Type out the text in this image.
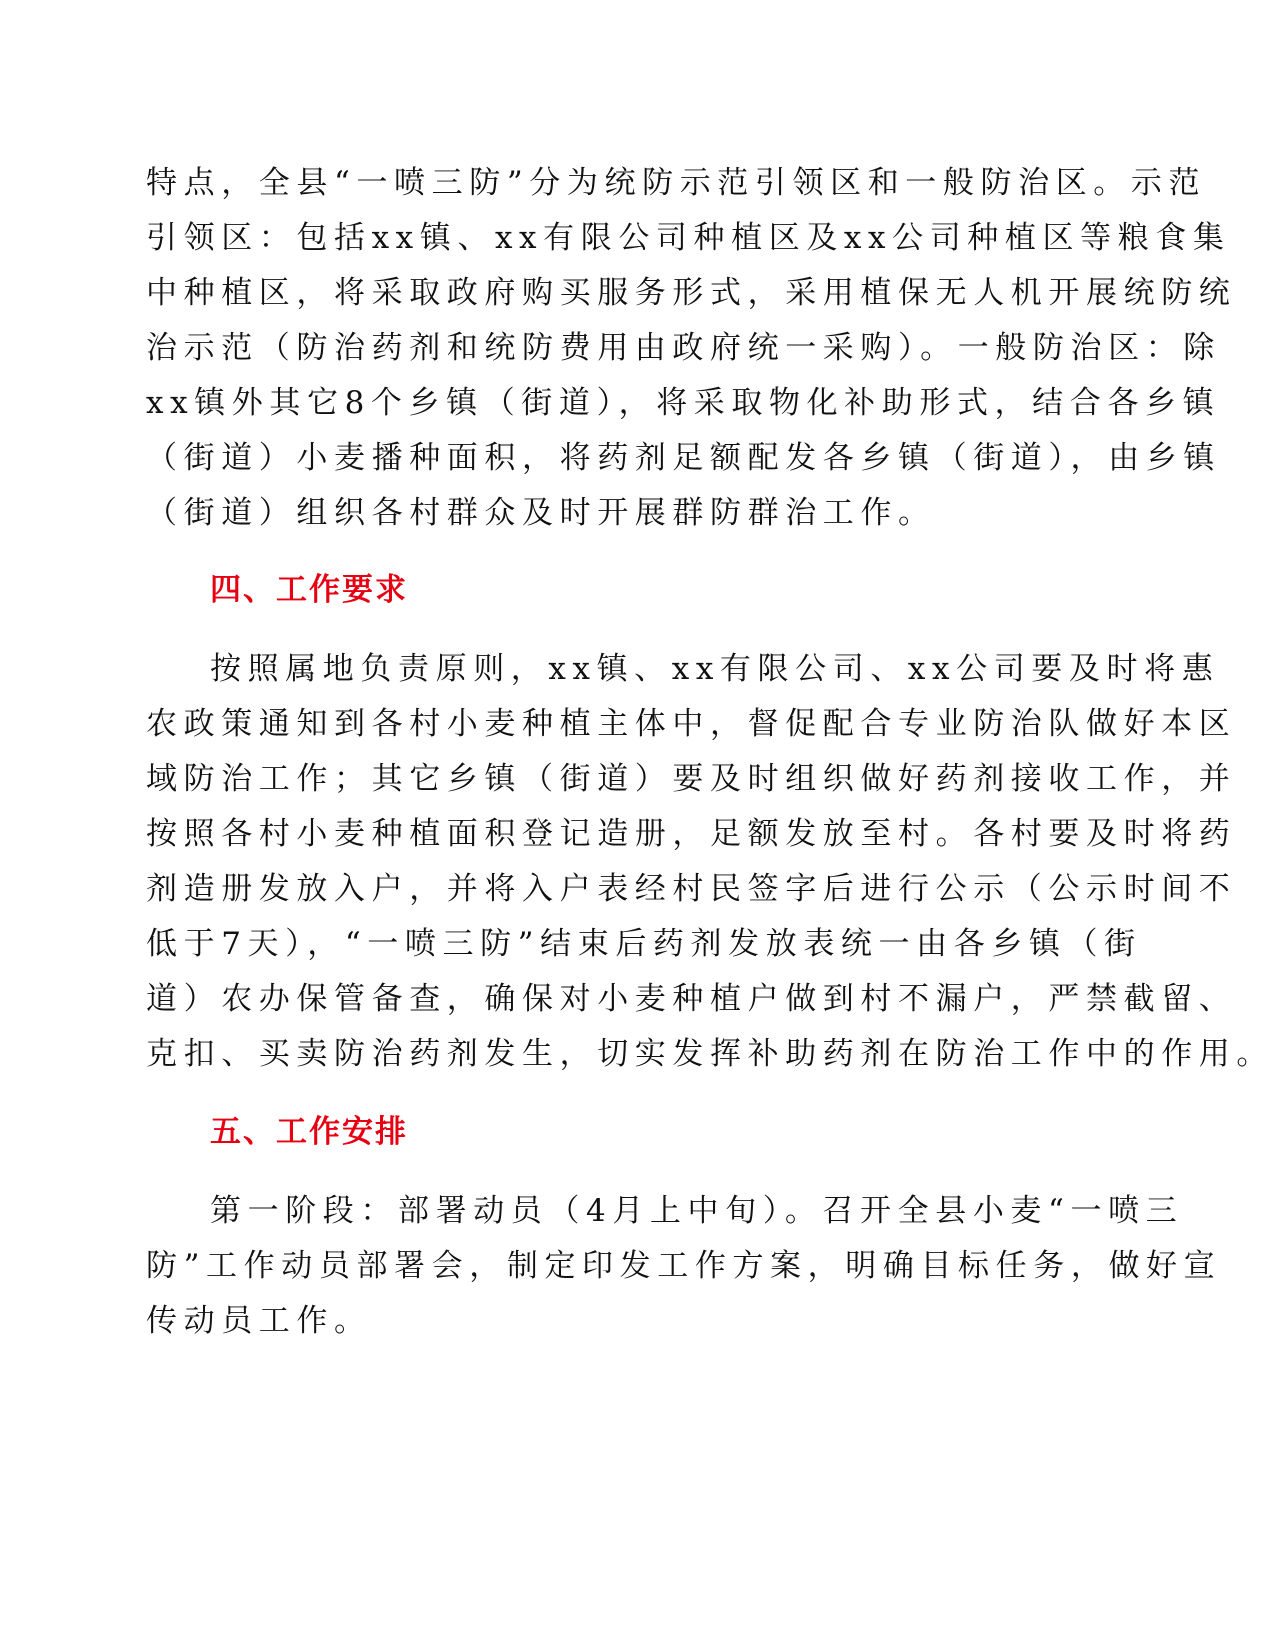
特点，全县“一喷三防”分为统防示范引领区和一般防治区。示范
引领区：包括xx镇、xx有限公司种植区及xx公司种植区等粮食集
中种植区，将采取政府购买服务形式，采用植保无人机开展统防统
治示范（防治药剂和统防费用由政府统一采购）。一般防治区：除
xx镇外其它8个乡镇（街道），将采取物化补助形式，结合各乡镇
（街道）小麦播种面积，将药剂足额配发各乡镇（街道），由乡镇
（街道）组织各村群众及时开展群防群治工作。
四、工作要求
按照属地负责原则，xx镇、xx有限公司、xx公司要及时将惠
农政策通知到各村小麦种植主体中，督促配合专业防治队做好本区
域防治工作；其它乡镇（街道）要及时组织做好药剂接收工作，并
按照各村小麦种植面积登记造册，足额发放至村。各村要及时将药
剂造册发放入户，并将入户表经村民签字后进行公示（公示时间不
低于7天），“一喷三防”结束后药剂发放表统一由各乡镇（街
道）农办保管备查，确保对小麦种植户做到村不漏户，严禁截留、
克扣、买卖防治药剂发生，切实发挥补助药剂在防治工作中的作用。
五、工作安排
第一阶段：部署动员（4月上中旬）。召开全县小麦“一喷三
防”工作动员部署会，制定印发工作方案，明确目标任务，做好宣
传动员工作。
